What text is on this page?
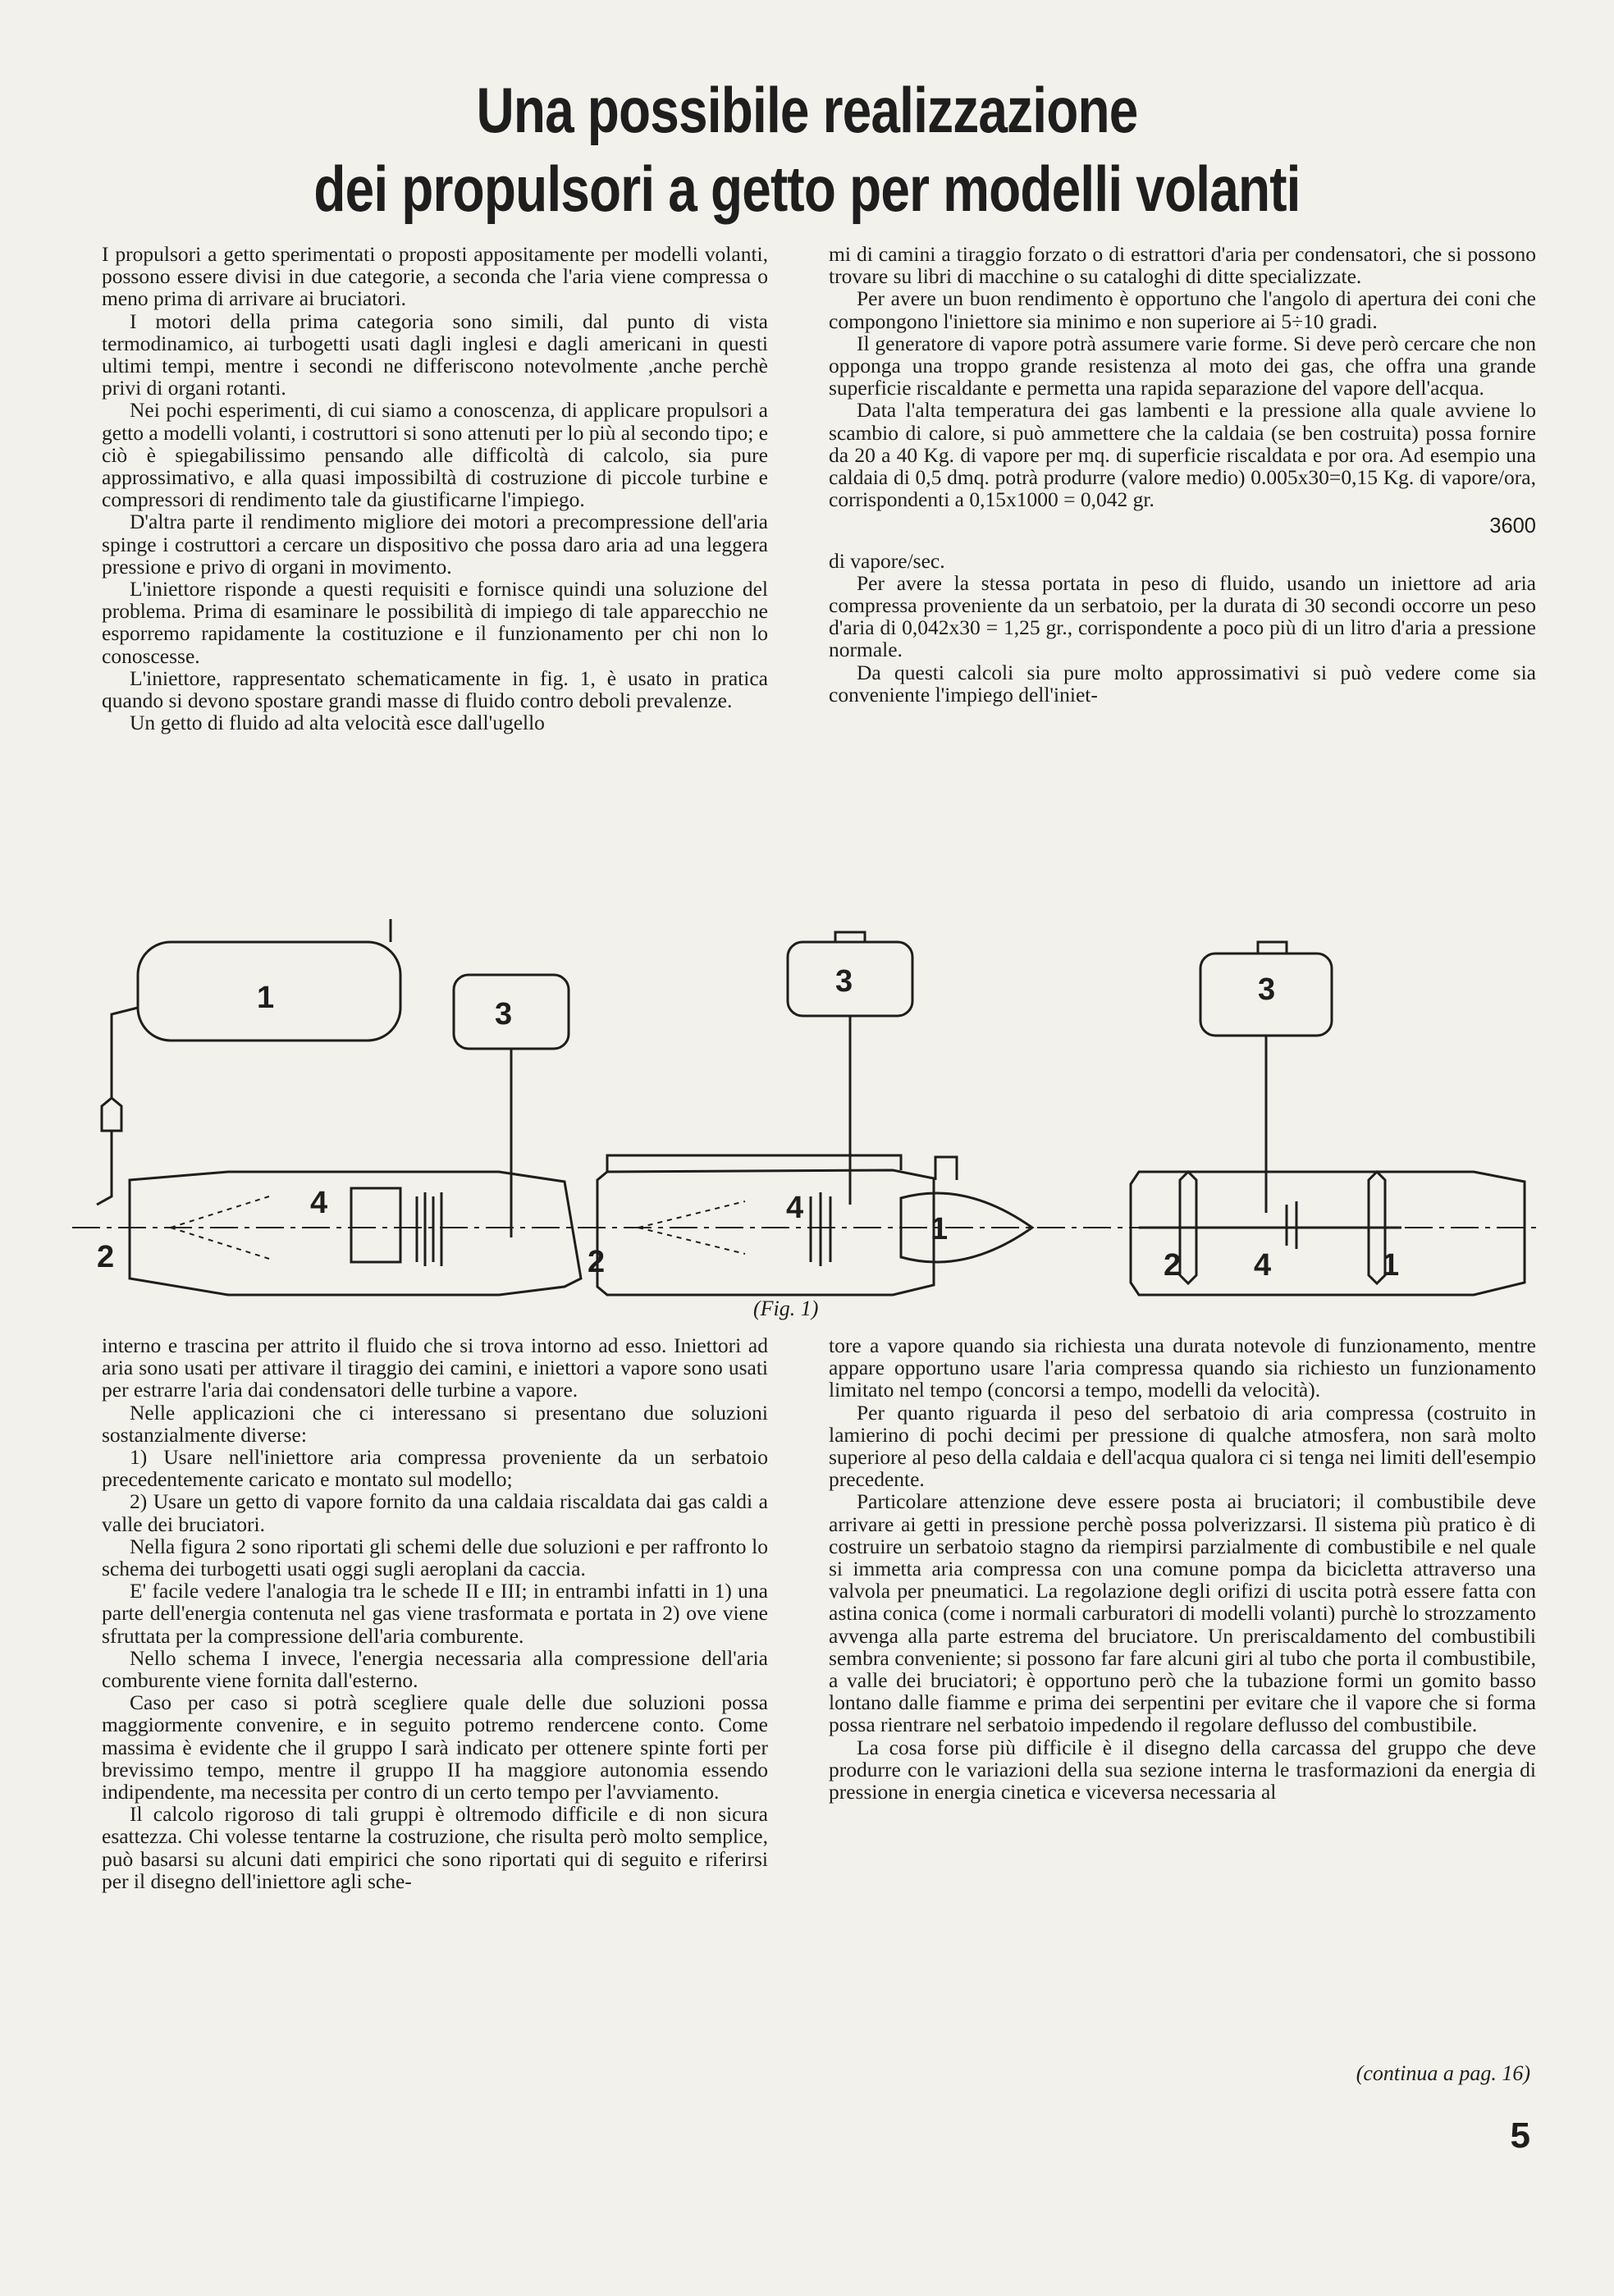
Una possibile realizzazione
dei propulsori a getto per modelli volanti

I propulsori a getto sperimentati o proposti appositamente per modelli volanti, possono essere divisi in due categorie, a seconda che l'aria viene compressa o meno prima di arrivare ai bruciatori.

I motori della prima categoria sono simili, dal punto di vista termodinamico, ai turbogetti usati dagli inglesi e dagli americani in questi ultimi tempi, mentre i secondi ne differiscono notevolmente ,anche perchè privi di organi rotanti.

Nei pochi esperimenti, di cui siamo a conoscenza, di applicare propulsori a getto a modelli volanti, i costruttori si sono attenuti per lo più al secondo tipo; e ciò è spiegabilissimo pensando alle difficoltà di calcolo, sia pure approssimativo, e alla quasi impossibiltà di costruzione di piccole turbine e compressori di rendimento tale da giustificarne l'impiego.

D'altra parte il rendimento migliore dei motori a precompressione dell'aria spinge i costruttori a cercare un dispositivo che possa daro aria ad una leggera pressione e privo di organi in movimento.

L'iniettore risponde a questi requisiti e fornisce quindi una soluzione del problema. Prima di esaminare le possibilità di impiego di tale apparecchio ne esporremo rapidamente la costituzione e il funzionamento per chi non lo conoscesse.

L'iniettore, rappresentato schematicamente in fig. 1, è usato in pratica quando si devono spostare grandi masse di fluido contro deboli prevalenze.

Un getto di fluido ad alta velocità esce dall'ugello

mi di camini a tiraggio forzato o di estrattori d'aria per condensatori, che si possono trovare su libri di macchine o su cataloghi di ditte specializzate.

Per avere un buon rendimento è opportuno che l'angolo di apertura dei coni che compongono l'iniettore sia minimo e non superiore ai 5÷10 gradi.

Il generatore di vapore potrà assumere varie forme. Si deve però cercare che non opponga una troppo grande resistenza al moto dei gas, che offra una grande superficie riscaldante e permetta una rapida separazione del vapore dell'acqua.

Data l'alta temperatura dei gas lambenti e la pressione alla quale avviene lo scambio di calore, si può ammettere che la caldaia (se ben costruita) possa fornire da 20 a 40 Kg. di vapore per mq. di superficie riscaldata e por ora. Ad esempio una caldaia di 0,5 dmq. potrà produrre (valore medio) 0.005x30=0,15 Kg. di vapore/ora, corrispondenti a 0,15x1000 = 0,042 gr.

3600

di vapore/sec.

Per avere la stessa portata in peso di fluido, usando un iniettore ad aria compressa proveniente da un serbatoio, per la durata di 30 secondi occorre un peso d'aria di 0,042x30 = 1,25 gr., corrispondente a poco più di un litro d'aria a pressione normale.

Da questi calcoli sia pure molto approssimativi si può vedere come sia conveniente l'impiego dell'iniet-

1	3
4
2
3
4
1
2
3
2 4	1
(Fig. 1)

interno e trascina per attrito il fluido che si trova intorno ad esso. Iniettori ad aria sono usati per attivare il tiraggio dei camini, e iniettori a vapore sono usati per estrarre l'aria dai condensatori delle turbine a vapore.

Nelle applicazioni che ci interessano si presentano due soluzioni sostanzialmente diverse:

1) Usare nell'iniettore aria compressa proveniente da un serbatoio precedentemente caricato e montato sul modello;

2) Usare un getto di vapore fornito da una caldaia riscaldata dai gas caldi a valle dei bruciatori.

Nella figura 2 sono riportati gli schemi delle due soluzioni e per raffronto lo schema dei turbogetti usati oggi sugli aeroplani da caccia.

E' facile vedere l'analogia tra le schede II e III; in entrambi infatti in 1) una parte dell'energia contenuta nel gas viene trasformata e portata in 2) ove viene sfruttata per la compressione dell'aria comburente.

Nello schema I invece, l'energia necessaria alla compressione dell'aria comburente viene fornita dall'esterno.

Caso per caso si potrà scegliere quale delle due soluzioni possa maggiormente convenire, e in seguito potremo rendercene conto. Come massima è evidente che il gruppo I sarà indicato per ottenere spinte forti per brevissimo tempo, mentre il gruppo II ha maggiore autonomia essendo indipendente, ma necessita per contro di un certo tempo per l'avviamento.

Il calcolo rigoroso di tali gruppi è oltremodo difficile e di non sicura esattezza. Chi volesse tentarne la costruzione, che risulta però molto semplice, può basarsi su alcuni dati empirici che sono riportati qui di seguito e riferirsi per il disegno dell'iniettore agli sche-

tore a vapore quando sia richiesta una durata notevole di funzionamento, mentre appare opportuno usare l'aria compressa quando sia richiesto un funzionamento limitato nel tempo (concorsi a tempo, modelli da velocità).

Per quanto riguarda il peso del serbatoio di aria compressa (costruito in lamierino di pochi decimi per pressione di qualche atmosfera, non sarà molto superiore al peso della caldaia e dell'acqua qualora ci si tenga nei limiti dell'esempio precedente.

Particolare attenzione deve essere posta ai bruciatori; il combustibile deve arrivare ai getti in pressione perchè possa polverizzarsi. Il sistema più pratico è di costruire un serbatoio stagno da riempirsi parzialmente di combustibile e nel quale si immetta aria compressa con una comune pompa da bicicletta attraverso una valvola per pneumatici. La regolazione degli orifizi di uscita potrà essere fatta con astina conica (come i normali carburatori di modelli volanti) purchè lo strozzamento avvenga alla parte estrema del bruciatore. Un preriscaldamento del combustibili sembra conveniente; si possono far fare alcuni giri al tubo che porta il combustibile, a valle dei bruciatori; è opportuno però che la tubazione formi un gomito basso lontano dalle fiamme e prima dei serpentini per evitare che il vapore che si forma possa rientrare nel serbatoio impedendo il regolare deflusso del combustibile.

La cosa forse più difficile è il disegno della carcassa del gruppo che deve produrre con le variazioni della sua sezione interna le trasformazioni da energia di pressione in energia cinetica e viceversa necessaria al

(continua a pag. 16)
5
